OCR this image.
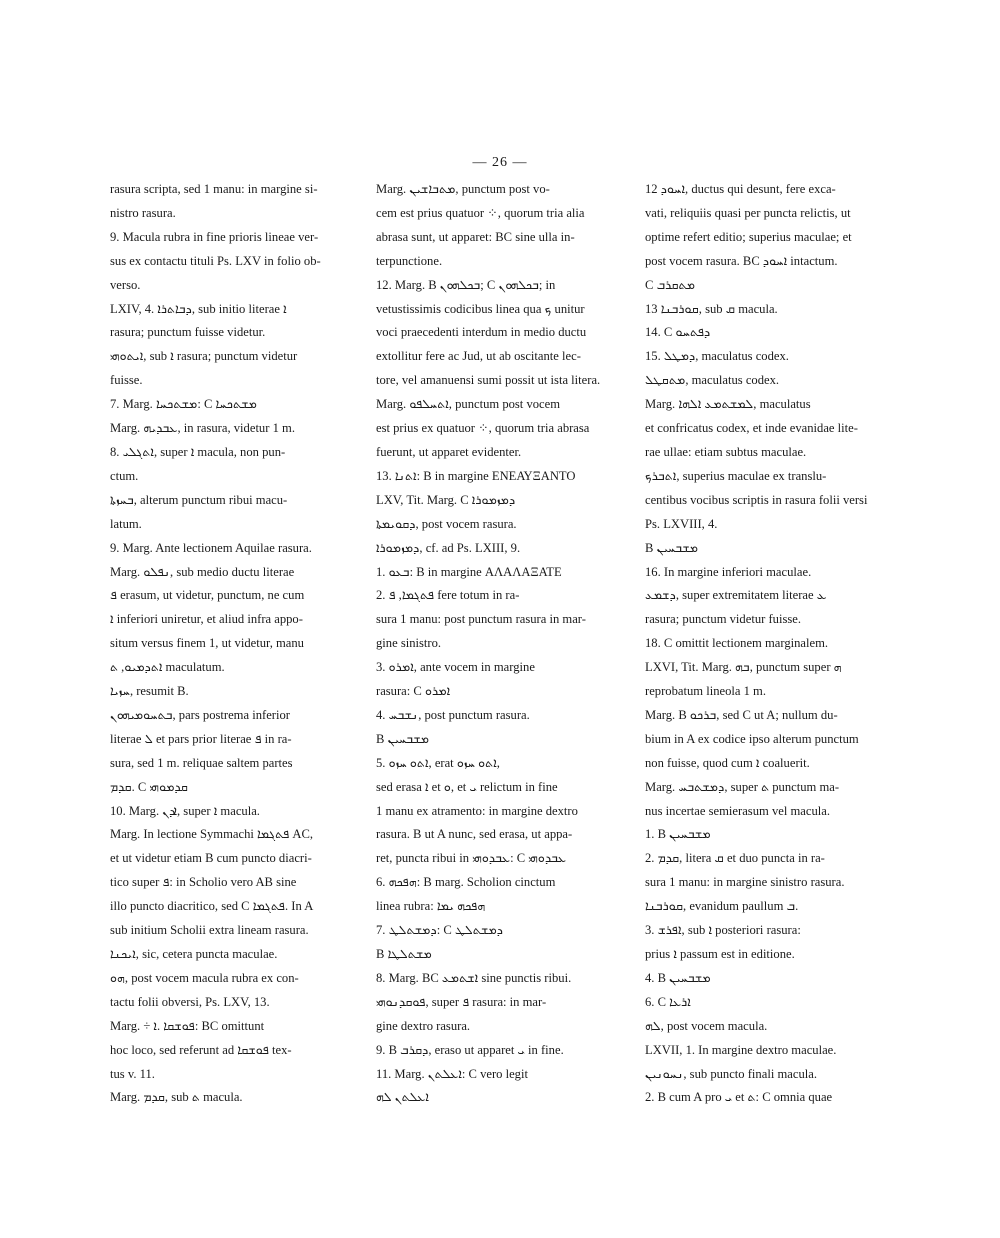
— 26 —
rasura scripta, sed 1 manu: in margine si-
nistro rasura.
9. Macula rubra in fine prioris lineae ver-
sus ex contactu tituli Ps. LXV in folio ob-
verso.
LXIV, 4. ܕܒܐܬܪܐ, sub initio literae ܐ
rasura; punctum fuisse videtur.
ܐܝܬܘܗܝ, sub ܐ rasura; punctum videtur
fuisse.
7. Marg. ܡܫܬܟܚܐ: C ܡܫܬܟܚܐ
Marg. ܥܒܕܝܗ, in rasura, videtur 1 m.
8. ܐܬܓܠܝ, super ܐ macula, non pun-
ctum.
ܒܚܙܬܐ, alterum punctum ribui macu-
latum.
9. Marg. Ante lectionem Aquilae rasura.
Marg. ܢܦܠܘ, sub medio ductu literae
ܦ erasum, ut videtur, punctum, ne cum
ܐ inferiori uniretur, et aliud infra appo-
situm versus finem 1, ut videtur, manu
ܐܬܕܡܝܘ, ܬ maculatum.
ܚܙܝܐ, resumit B.
ܒܬܚܘܡܝܗܘܢ, pars postrema inferior
literae ܠ et pars prior literae ܦ in ra-
sura, sed 1 m. reliquae saltem partes
ܩܕܡ. C ܩܕܡܘܗܝ
10. Marg. ܐܕܢ, super ܐ macula.
Marg. In lectione Symmachi ܦܬܓܡܐ AC,
et ut videtur etiam B cum puncto diacri-
tico super ܦ: in Scholio vero AB sine
illo puncto diacritico, sed C ܦܬܓܡܐ. In A
sub initium Scholii extra lineam rasura.
ܐܝܟܢܐ, sic, cetera puncta maculae.
ܗܘ, post vocem macula rubra ex con-
tactu folii obversi, Ps. LXV, 13.
Marg. ÷ ܦܘܫܩܐ .ܐ: BC omittunt
hoc loco, sed referunt ad ܦܘܫܩܐ tex-
tus v. 11.
Marg. ܩܕܡ, sub ܬ macula.
Marg. ܡܬܒܐܫܝܢ, punctum post vo-
cem est prius quatuor ⁘, quorum tria alia
abrasa sunt, ut apparet: BC sine ulla in-
terpunctione.
12. Marg. B ܒܟܠܗܘܢ; C ܒܟܠܗܘܢ; in
vetustissimis codicibus linea qua ܟ unitur
voci praecedenti interdum in medio ductu
extollitur fere ac Jud, ut ab oscitante lec-
tore, vel amanuensi sumi possit ut ista litera.
Marg. ܐܬܚܠܦܘ, punctum post vocem
est prius ex quatuor ⁘, quorum tria abrasa
fuerunt, ut apparet evidenter.
13. ܐܬܢܐ: B in margine ΕΝΕΑΥΞΑΝΤΟ
LXV, Tit. Marg. C ܕܡܙܡܘܪܐ
ܕܩܘܝܡܬܐ, post vocem rasura.
ܕܡܙܡܘܪܐ, cf. ad Ps. LXIII, 9.
1. ܒܥܘ: B in margine ΑΛΑΛΑΞΑΤΕ
2. ܦܬܓܡܐ, ܦ fere totum in ra-
sura 1 manu: post punctum rasura in mar-
gine sinistro.
3. ܐܡܪܘ, ante vocem in margine
rasura: C ܐܡܪܘ
4. ܢܫܒܚ, post punctum rasura.
B ܡܫܒܚܝܢ
5. ܐܬܘ ܚܙܘ, erat ܐܬܘ ܚܙܘ,
sed erasa ܐ et ܘ, et ܝ relictum in fine
1 manu ex atramento: in margine dextro
rasura. B ut A nunc, sed erasa, ut appa-
ret, puncta ribui in ܥܒܕܘܗܝ: C ܥܒܕܘܗܝ
6. ܗܦܟܗ: B marg. Scholion cinctum
linea rubra: ܗܦܟܗ ܝܡܐ
7. ܕܡܫܬܠܛ: C ܕܡܫܬܠܛ
B ܡܫܬܠܛܐ
8. Marg. BC ܐܫܬܡܥ sine punctis ribui.
ܦܘܩܕܢܘܗܝ, super ܦ rasura: in mar-
gine dextro rasura.
9. B ܕܩܪܒ, eraso ut apparet ܝ in fine.
11. Marg. ܐܥܠܬܢ: C vero legit
ܐܥܠܬܢ ܠܗ
12 ܐܚܘܕ, ductus qui desunt, fere exca-
vati, reliquiis quasi per puncta relictis, ut
optime refert editio; superius maculae; et
post vocem rasura. BC ܐܚܘܕ intactum.
C ܡܬܩܪܒ
13 ܩܘܪܒܢܐ, sub ܩ macula.
14. C ܕܦܬܚܘ
15. ܕܡܛܠ, maculatus codex.
ܡܬܩܛܠ, maculatus codex.
Marg. ܠܡܫܬܡܥ ܐܠܗܐ, maculatus
et confricatus codex, et inde evanidae lite-
rae ullae: etiam subtus maculae.
ܐܬܒܪܟ, superius maculae ex translu-
centibus vocibus scriptis in rasura folii versi
Ps. LXVIII, 4.
B ܡܫܒܚܝܢ
16. In margine inferiori maculae.
ܕܫܡܥ, super extremitatem literae ܥ
rasura; punctum videtur fuisse.
18. C omittit lectionem marginalem.
LXVI, Tit. Marg. ܒܗ, punctum super ܗ
reprobatum lineola 1 m.
Marg. B ܒܪܟܘ, sed C ut A; nullum du-
bium in A ex codice ipso alterum punctum
non fuisse, quod cum ܐ coaluerit.
Marg. ܕܡܫܬܒܚ, super ܬ punctum ma-
nus incertae semierasum vel macula.
1. B ܡܫܒܚܝܢ
2. ܩܕܡ, litera ܩ et duo puncta in ra-
sura 1 manu: in margine sinistro rasura.
ܩܘܪܒܢܐ, evanidum paullum ܒ.
3. ܐܦܪܫ, sub ܐ posteriori rasura:
prius ܐ passum est in editione.
4. B ܡܫܒܚܝܢ
6. C ܐܪܥܐ
ܠܗ, post vocem macula.
LXVII, 1. In margine dextro maculae.
ܢܚܘܢܝܢ, sub puncto finali macula.
2. B cum A pro ܝ et ܬ: C omnia quae
